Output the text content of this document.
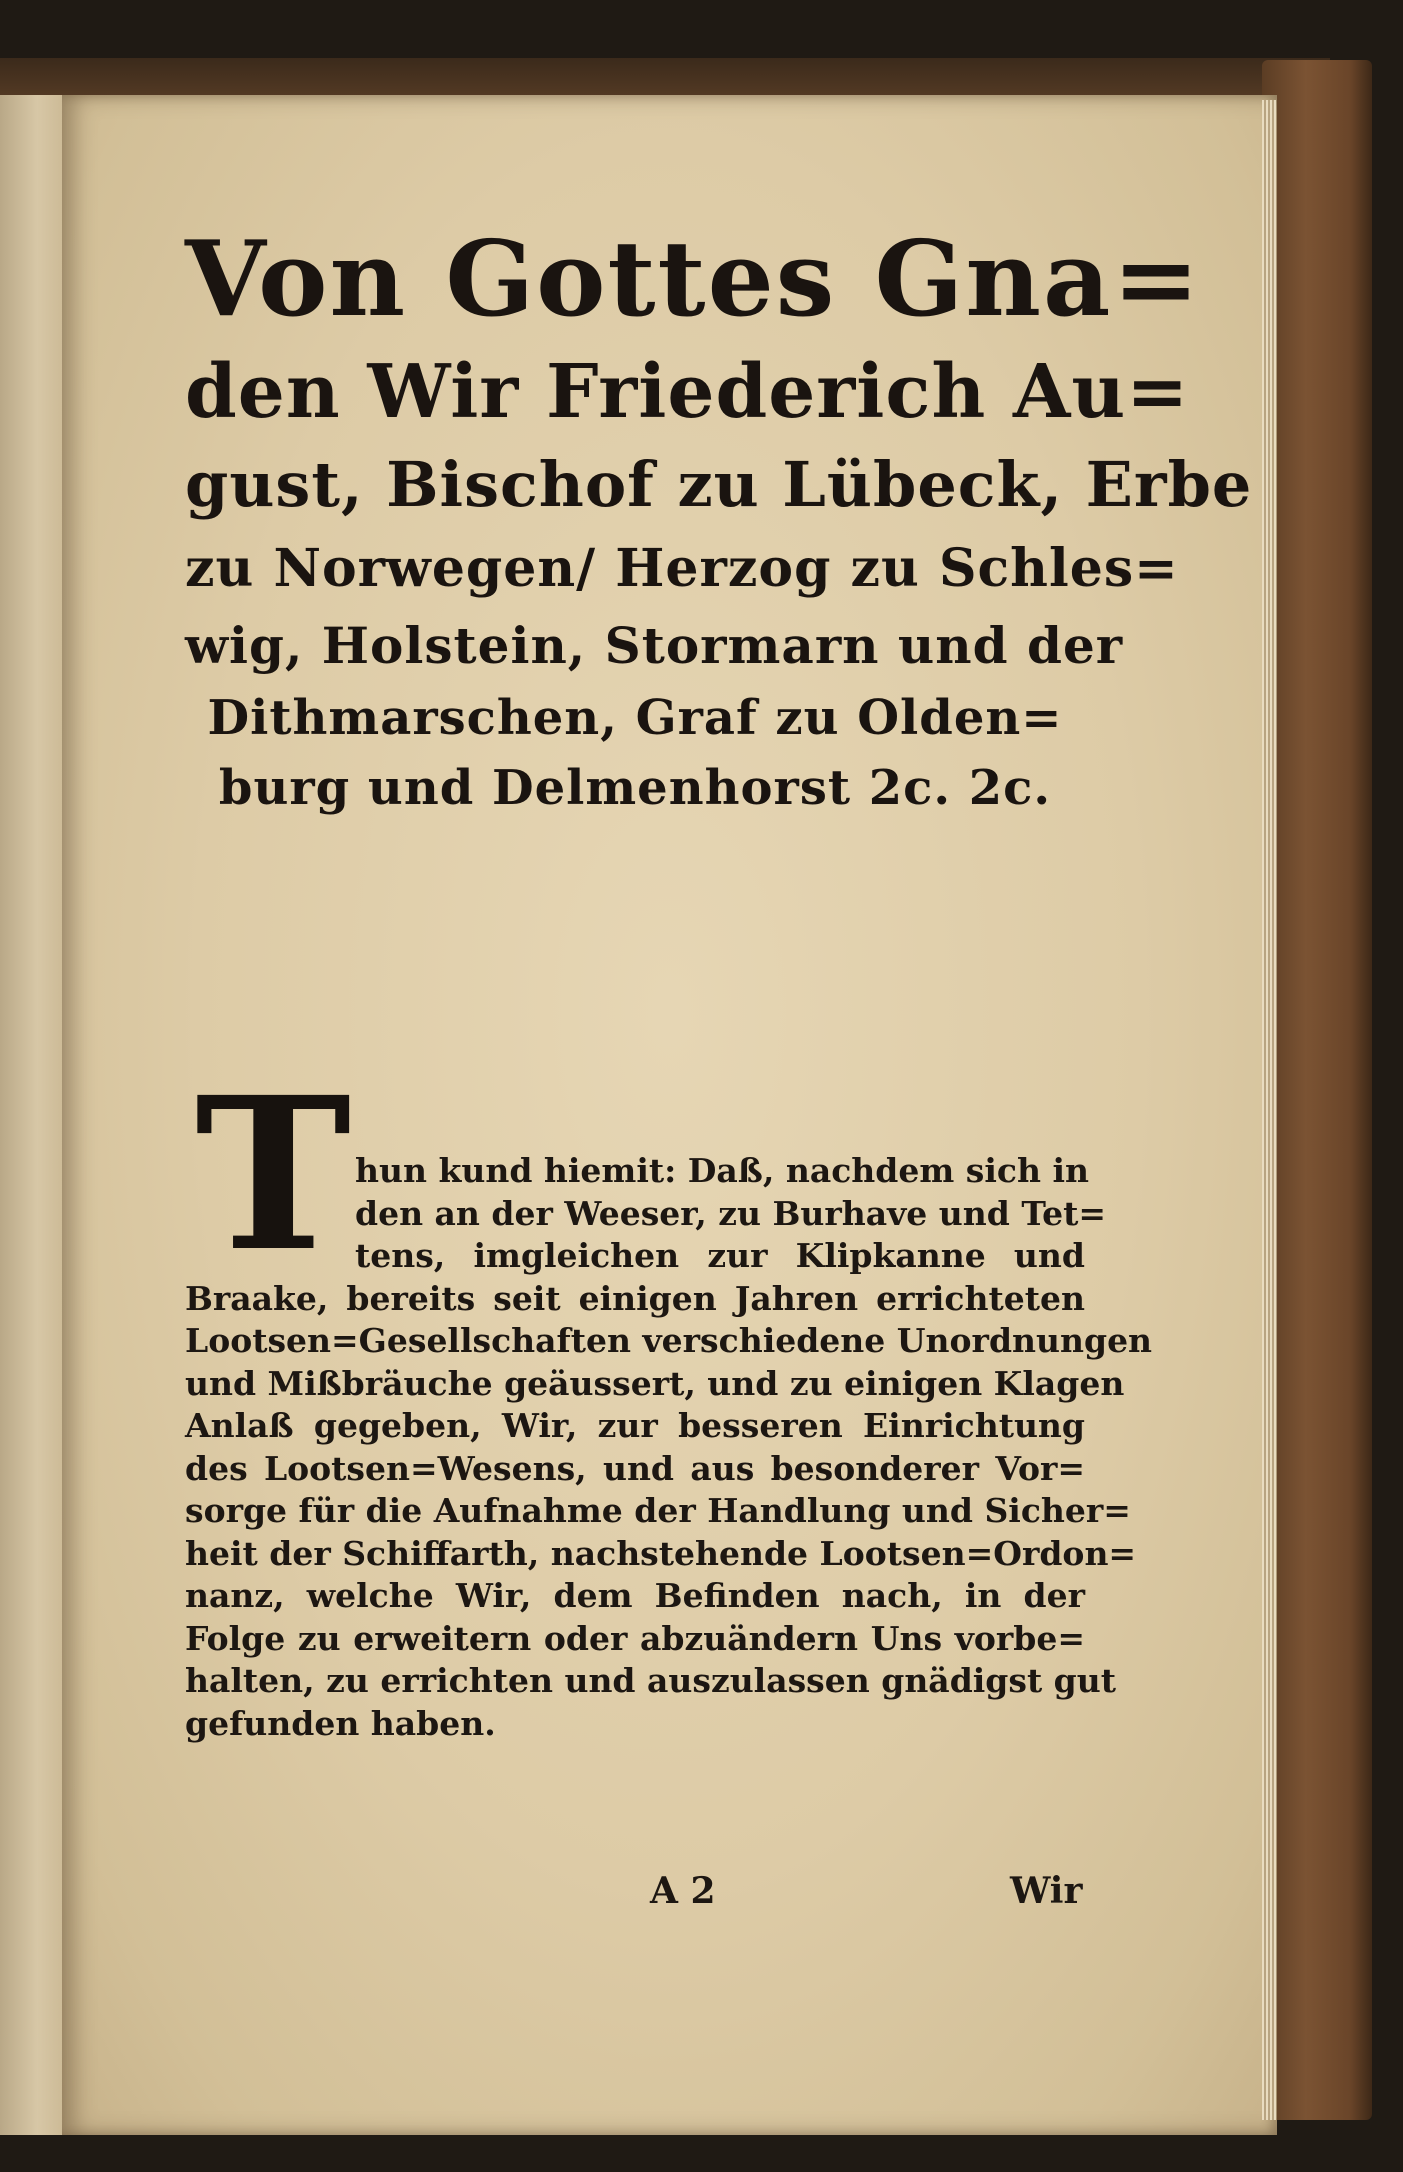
Von Gottes Gna=
den Wir Friederich Au=
gust, Bischof zu Lübeck, Erbe
zu Norwegen/ Herzog zu Schles=
wig, Holstein, Stormarn und der
Dithmarschen, Graf zu Olden=
burg und Delmenhorst 2c. 2c.
T hun kund hiemit: Daß, nachdem sich in
den an der Weeser, zu Burhave und Tet=
tens, imgleichen zur Klipkanne und
Braake, bereits seit einigen Jahren errichteten
Lootsen=Gesellschaften verschiedene Unordnungen
und Mißbräuche geäussert, und zu einigen Klagen
Anlaß gegeben, Wir, zur besseren Einrichtung
des Lootsen=Wesens, und aus besonderer Vor=
sorge für die Aufnahme der Handlung und Sicher=
heit der Schiffarth, nachstehende Lootsen=Ordon=
nanz, welche Wir, dem Befinden nach, in der
Folge zu erweitern oder abzuändern Uns vorbe=
halten, zu errichten und auszulassen gnädigst gut
gefunden haben.
A 2	Wir
